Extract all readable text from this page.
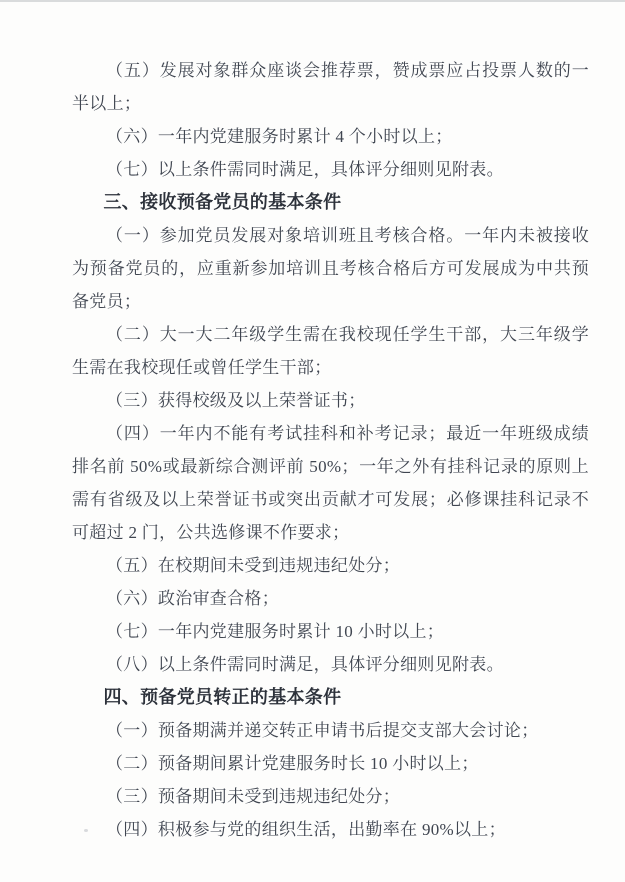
（五）发展对象群众座谈会推荐票，赞成票应占投票人数的一半以上；

（六）一年内党建服务时累计 4 个小时以上；

（七）以上条件需同时满足，具体评分细则见附表。

三、接收预备党员的基本条件

（一）参加党员发展对象培训班且考核合格。一年内未被接收为预备党员的，应重新参加培训且考核合格后方可发展成为中共预备党员；

（二）大一大二年级学生需在我校现任学生干部，大三年级学生需在我校现任或曾任学生干部；

（三）获得校级及以上荣誉证书；

（四）一年内不能有考试挂科和补考记录；最近一年班级成绩排名前 50%或最新综合测评前 50%；一年之外有挂科记录的原则上需有省级及以上荣誉证书或突出贡献才可发展；必修课挂科记录不可超过 2 门，公共选修课不作要求；

（五）在校期间未受到违规违纪处分；

（六）政治审查合格；

（七）一年内党建服务时累计 10 小时以上；

（八）以上条件需同时满足，具体评分细则见附表。

四、预备党员转正的基本条件

（一）预备期满并递交转正申请书后提交支部大会讨论；

（二）预备期间累计党建服务时长 10 小时以上；

（三）预备期间未受到违规违纪处分；

（四）积极参与党的组织生活，出勤率在 90%以上；
